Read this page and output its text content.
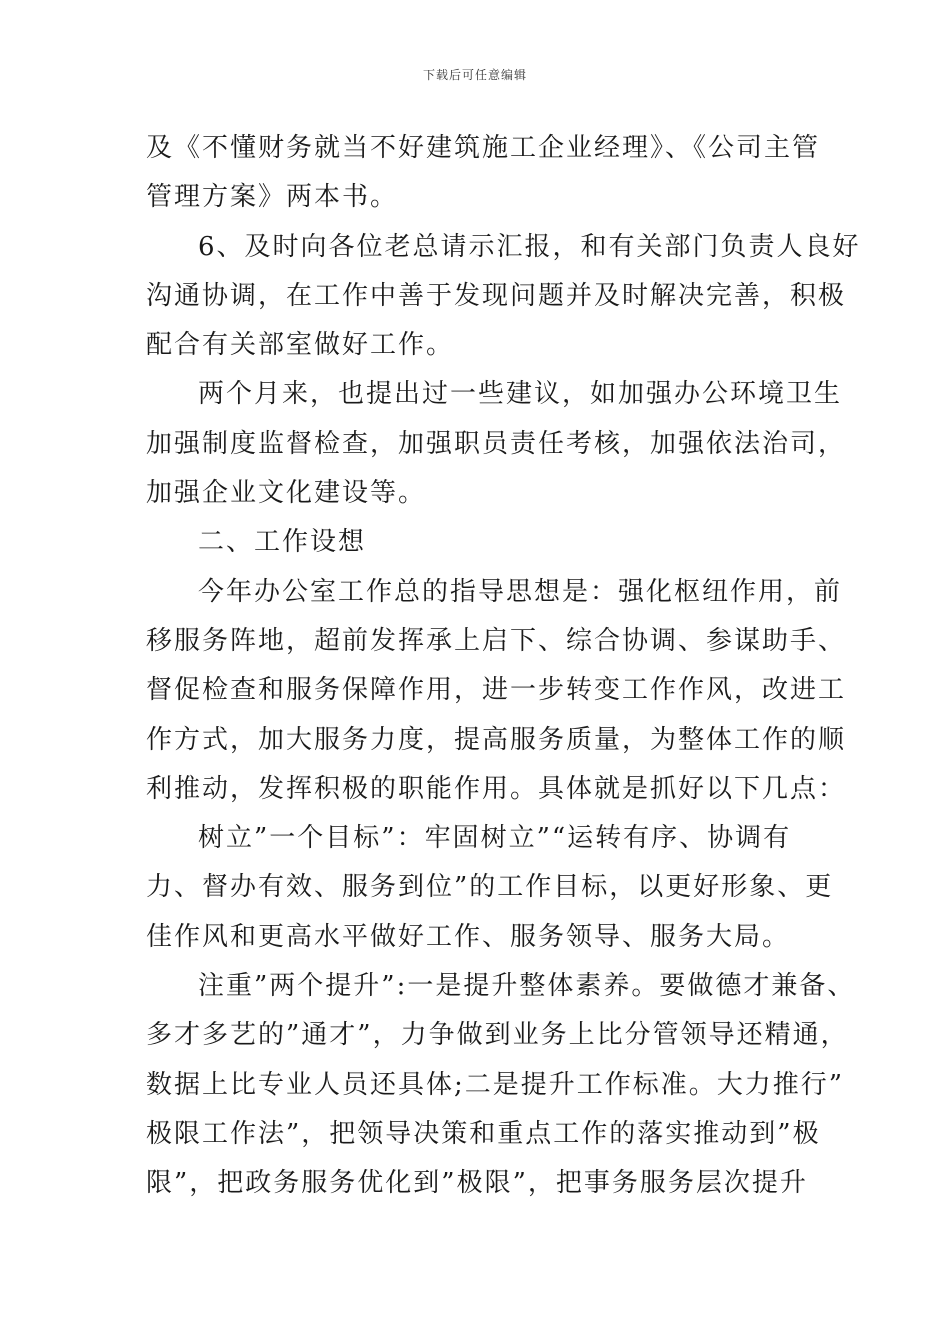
下载后可任意编辑
及《不懂财务就当不好建筑施工企业经理》、《公司主管
管理方案》两本书。
6、及时向各位老总请示汇报，和有关部门负责人良好
沟通协调，在工作中善于发现问题并及时解决完善，积极
配合有关部室做好工作。
两个月来，也提出过一些建议，如加强办公环境卫生
加强制度监督检查，加强职员责任考核，加强依法治司，
加强企业文化建设等。
二、工作设想
今年办公室工作总的指导思想是：强化枢纽作用，前
移服务阵地，超前发挥承上启下、综合协调、参谋助手、
督促检查和服务保障作用，进一步转变工作作风，改进工
作方式，加大服务力度，提高服务质量，为整体工作的顺
利推动，发挥积极的职能作用。具体就是抓好以下几点：
树立”一个目标”：牢固树立”“运转有序、协调有
力、督办有效、服务到位”的工作目标，以更好形象、更
佳作风和更高水平做好工作、服务领导、服务大局。
注重”两个提升”:一是提升整体素养。要做德才兼备、
多才多艺的”通才”，力争做到业务上比分管领导还精通，
数据上比专业人员还具体;二是提升工作标准。大力推行”
极限工作法”，把领导决策和重点工作的落实推动到”极
限”，把政务服务优化到”极限”，把事务服务层次提升
